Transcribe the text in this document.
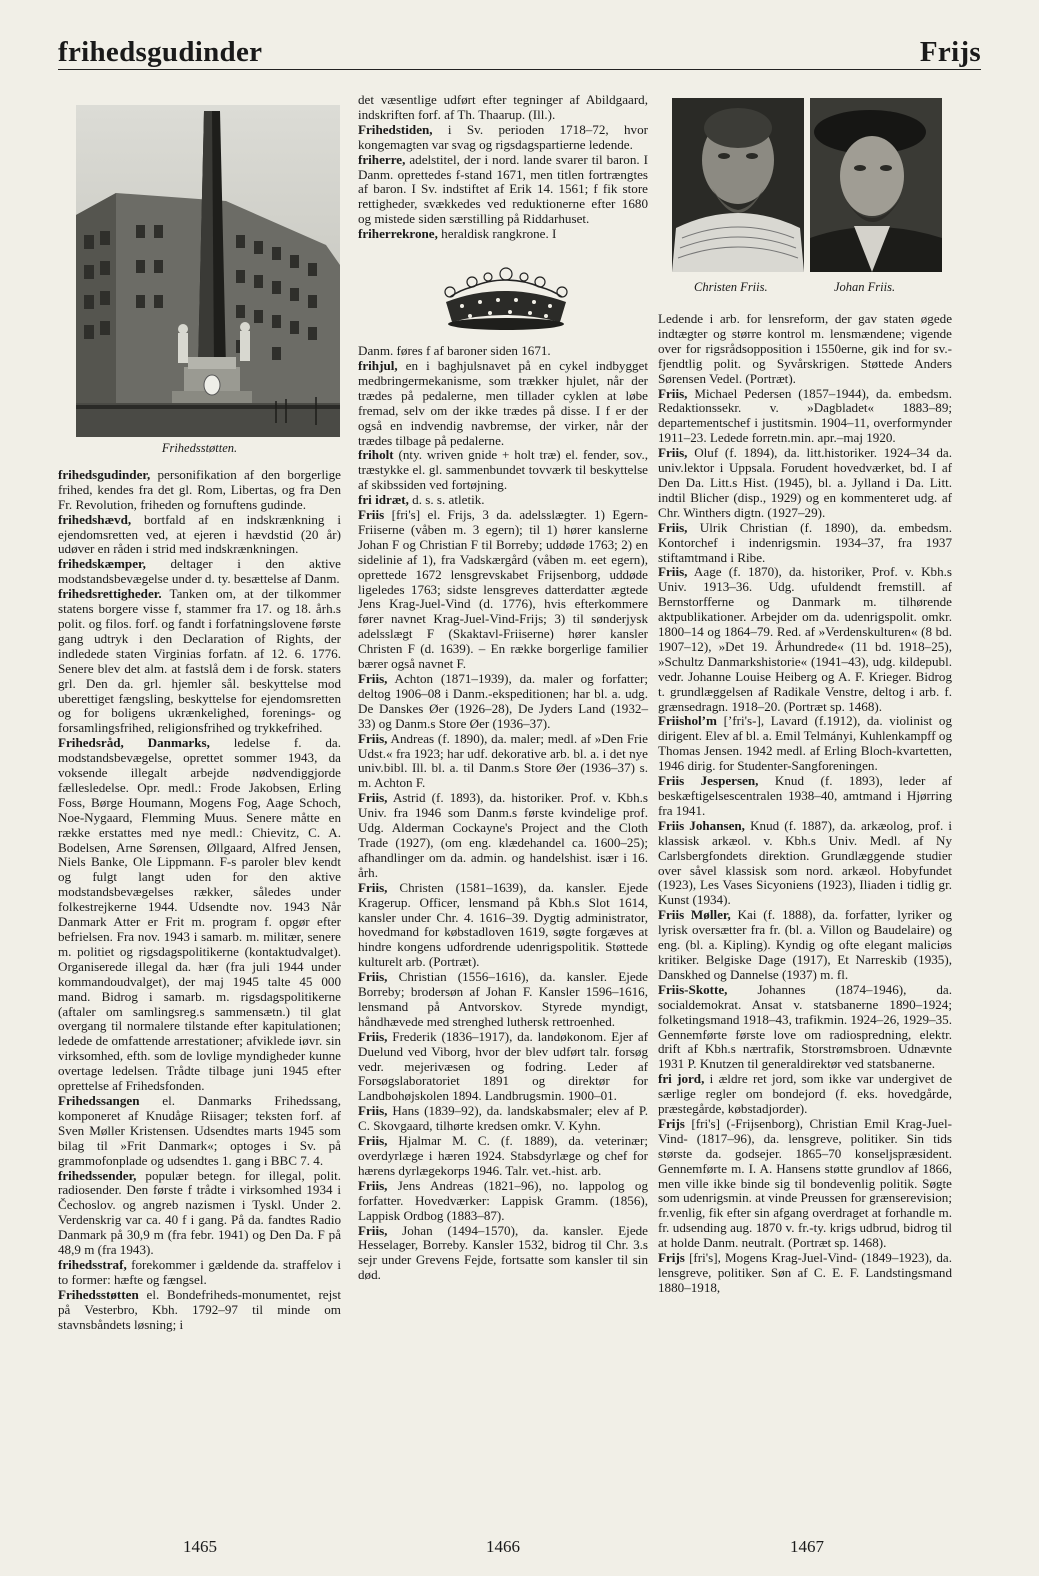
frihedsgudinder	Frijs
Frihedsstøtten.

frihedsgudinder, personifikation af den borgerlige frihed, kendes fra det gl. Rom, Libertas, og fra Den Fr. Revolution, friheden og fornuftens gudinde.

frihedshævd, bortfald af en indskrænkning i ejendomsretten ved, at ejeren i hævdstid (20 år) udøver en råden i strid med indskrænkningen.

frihedskæmper, deltager i den aktive modstandsbevægelse under d. ty. besættelse af Danm.

frihedsrettigheder. Tanken om, at der tilkommer statens borgere visse f, stammer fra 17. og 18. årh.s polit. og filos. forf. og fandt i forfatningslovene første gang udtryk i den Declaration of Rights, der indledede staten Virginias forfatn. af 12. 6. 1776. Senere blev det alm. at fastslå dem i de forsk. staters grl. Den da. grl. hjemler sål. beskyttelse mod uberettiget fængsling, beskyttelse for ejendomsretten og for boligens ukrænkelighed, forenings- og forsamlingsfrihed, religionsfrihed og trykkefrihed.

Frihedsråd, Danmarks, ledelse f. da. modstandsbevægelse, oprettet sommer 1943, da voksende illegalt arbejde nødvendiggjorde fællesledelse. Opr. medl.: Frode Jakobsen, Erling Foss, Børge Houmann, Mogens Fog, Aage Schoch, Noe-Nygaard, Flemming Muus. Senere måtte en række erstattes med nye medl.: Chievitz, C. A. Bodelsen, Arne Sørensen, Øllgaard, Alfred Jensen, Niels Banke, Ole Lippmann. F-s paroler blev kendt og fulgt langt uden for den aktive modstandsbevægelses rækker, således under folkestrejkerne 1944. Udsendte nov. 1943 Når Danmark Atter er Frit m. program f. opgør efter befrielsen. Fra nov. 1943 i samarb. m. militær, senere m. politiet og rigsdagspolitikerne (kontaktudvalget). Organiserede illegal da. hær (fra juli 1944 under kommandoudvalget), der maj 1945 talte 45 000 mand. Bidrog i samarb. m. rigsdagspolitikerne (aftaler om samlingsreg.s sammensætn.) til glat overgang til normalere tilstande efter kapitulationen; ledede de omfattende arrestationer; afviklede iøvr. sin virksomhed, efth. som de lovlige myndigheder kunne overtage ledelsen. Trådte tilbage juni 1945 efter oprettelse af Frihedsfonden.

Frihedssangen el. Danmarks Frihedssang, komponeret af Knudåge Riisager; teksten forf. af Sven Møller Kristensen. Udsendtes marts 1945 som bilag til »Frit Danmark«; optoges i Sv. på grammofonplade og udsendtes 1. gang i BBC 7. 4.

frihedssender, populær betegn. for illegal, polit. radiosender. Den første f trådte i virksomhed 1934 i Čechoslov. og angreb nazismen i Tyskl. Under 2. Verdenskrig var ca. 40 f i gang. På da. fandtes Radio Danmark på 30,9 m (fra febr. 1941) og Den Da. F på 48,9 m (fra 1943).

frihedsstraf, forekommer i gældende da. straffelov i to former: hæfte og fængsel.

Frihedsstøtten el. Bondefriheds-monumentet, rejst på Vesterbro, Kbh. 1792–97 til minde om stavnsbåndets løsning; i

det væsentlige udført efter tegninger af Abildgaard, indskriften forf. af Th. Thaarup. (Ill.).

Frihedstiden, i Sv. perioden 1718–72, hvor kongemagten var svag og rigsdagspartierne ledende.

friherre, adelstitel, der i nord. lande svarer til baron. I Danm. oprettedes f-stand 1671, men titlen fortrængtes af baron. I Sv. indstiftet af Erik 14. 1561; f fik store rettigheder, svækkedes ved reduktionerne efter 1680 og mistede siden særstilling på Riddarhuset.

friherrekrone, heraldisk rangkrone. I

Danm. føres f af baroner siden 1671.

frihjul, en i baghjulsnavet på en cykel indbygget medbringermekanisme, som trækker hjulet, når der trædes på pedalerne, men tillader cyklen at løbe fremad, selv om der ikke trædes på disse. I f er der også en indvendig navbremse, der virker, når der trædes tilbage på pedalerne.

friholt (nty. wriven gnide + holt træ) el. fender, sov., træstykke el. gl. sammenbundet tovværk til beskyttelse af skibssiden ved fortøjning.

fri idræt, d. s. s. atletik.

Friis [fri's] el. Frijs, 3 da. adelsslægter. 1) Egern-Friiserne (våben m. 3 egern); til 1) hører kanslerne Johan F og Christian F til Borreby; uddøde 1763; 2) en sidelinie af 1), fra Vadskærgård (våben m. eet egern), oprettede 1672 lensgrevskabet Frijsenborg, uddøde ligeledes 1763; sidste lensgreves datterdatter ægtede Jens Krag-Juel-Vind (d. 1776), hvis efterkommere fører navnet Krag-Juel-Vind-Frijs; 3) til sønderjysk adelsslægt F (Skaktavl-Friiserne) hører kansler Christen F (d. 1639). – En række borgerlige familier bærer også navnet F.

Friis, Achton (1871–1939), da. maler og forfatter; deltog 1906–08 i Danm.-ekspeditionen; har bl. a. udg. De Danskes Øer (1926–28), De Jyders Land (1932–33) og Danm.s Store Øer (1936–37).

Friis, Andreas (f. 1890), da. maler; medl. af »Den Frie Udst.« fra 1923; har udf. dekorative arb. bl. a. i det nye univ.bibl. Ill. bl. a. til Danm.s Store Øer (1936–37) s. m. Achton F.

Friis, Astrid (f. 1893), da. historiker. Prof. v. Kbh.s Univ. fra 1946 som Danm.s første kvindelige prof. Udg. Alderman Cockayne's Project and the Cloth Trade (1927), (om eng. klædehandel ca. 1600–25); afhandlinger om da. admin. og handelshist. især i 16. årh.

Friis, Christen (1581–1639), da. kansler. Ejede Kragerup. Officer, lensmand på Kbh.s Slot 1614, kansler under Chr. 4. 1616–39. Dygtig administrator, hovedmand for købstadloven 1619, søgte forgæves at hindre kongens udfordrende udenrigspolitik. Støttede kulturelt arb. (Portræt).

Friis, Christian (1556–1616), da. kansler. Ejede Borreby; brodersøn af Johan F. Kansler 1596–1616, lensmand på Antvorskov. Styrede myndigt, håndhævede med strenghed luthersk rettroenhed.

Friis, Frederik (1836–1917), da. landøkonom. Ejer af Duelund ved Viborg, hvor der blev udført talr. forsøg vedr. mejerivæsen og fodring. Leder af Forsøgslaboratoriet 1891 og direktør for Landbohøjskolen 1894. Landbrugsmin. 1900–01.

Friis, Hans (1839–92), da. landskabsmaler; elev af P. C. Skovgaard, tilhørte kredsen omkr. V. Kyhn.

Friis, Hjalmar M. C. (f. 1889), da. veterinær; overdyrlæge i hæren 1924. Stabsdyrlæge og chef for hærens dyrlægekorps 1946. Talr. vet.-hist. arb.

Friis, Jens Andreas (1821–96), no. lappolog og forfatter. Hovedværker: Lappisk Gramm. (1856), Lappisk Ordbog (1883–87).

Friis, Johan (1494–1570), da. kansler. Ejede Hesselager, Borreby. Kansler 1532, bidrog til Chr. 3.s sejr under Grevens Fejde, fortsatte som kansler til sin død.

Christen Friis.	Johan Friis.

Ledende i arb. for lensreform, der gav staten øgede indtægter og større kontrol m. lensmændene; vigende over for rigsrådsopposition i 1550erne, gik ind for sv.-fjendtlig polit. og Syvårskrigen. Støttede Anders Sørensen Vedel. (Portræt).

Friis, Michael Pedersen (1857–1944), da. embedsm. Redaktionssekr. v. »Dagbladet« 1883–89; departementschef i justitsmin. 1904–11, overformynder 1911–23. Ledede forretn.min. apr.–maj 1920.

Friis, Oluf (f. 1894), da. litt.historiker. 1924–34 da. univ.lektor i Uppsala. Forudent hovedværket, bd. I af Den Da. Litt.s Hist. (1945), bl. a. Jylland i Da. Litt. indtil Blicher (disp., 1929) og en kommenteret udg. af Chr. Winthers digtn. (1927–29).

Friis, Ulrik Christian (f. 1890), da. embedsm. Kontorchef i indenrigsmin. 1934–37, fra 1937 stiftamtmand i Ribe.

Friis, Aage (f. 1870), da. historiker, Prof. v. Kbh.s Univ. 1913–36. Udg. ufuldendt fremstill. af Bernstorfferne og Danmark m. tilhørende aktpublikationer. Arbejder om da. udenrigspolit. omkr. 1800–14 og 1864–79. Red. af »Verdenskulturen« (8 bd. 1907–12), »Det 19. Århundrede« (11 bd. 1918–25), »Schultz Danmarkshistorie« (1941–43), udg. kildepubl. vedr. Johanne Louise Heiberg og A. F. Krieger. Bidrog t. grundlæggelsen af Radikale Venstre, deltog i arb. f. grænsedragn. 1918–20. (Portræt sp. 1468).

Friisholʼm [ʼfri's-], Lavard (f.1912), da. violinist og dirigent. Elev af bl. a. Emil Telmányi, Kuhlenkampff og Thomas Jensen. 1942 medl. af Erling Bloch-kvartetten, 1946 dirig. for Studenter-Sangforeningen.

Friis Jespersen, Knud (f. 1893), leder af beskæftigelsescentralen 1938–40, amtmand i Hjørring fra 1941.

Friis Johansen, Knud (f. 1887), da. arkæolog, prof. i klassisk arkæol. v. Kbh.s Univ. Medl. af Ny Carlsbergfondets direktion. Grundlæggende studier over såvel klassisk som nord. arkæol. Hobyfundet (1923), Les Vases Sicyoniens (1923), Iliaden i tidlig gr. Kunst (1934).

Friis Møller, Kai (f. 1888), da. forfatter, lyriker og lyrisk oversætter fra fr. (bl. a. Villon og Baudelaire) og eng. (bl. a. Kipling). Kyndig og ofte elegant maliciøs kritiker. Belgiske Dage (1917), Et Narreskib (1935), Danskhed og Dannelse (1937) m. fl.

Friis-Skotte, Johannes (1874–1946), da. socialdemokrat. Ansat v. statsbanerne 1890–1924; folketingsmand 1918–43, trafikmin. 1924–26, 1929–35. Gennemførte første love om radiospredning, elektr. drift af Kbh.s nærtrafik, Storstrømsbroen. Udnævnte 1931 P. Knutzen til generaldirektør ved statsbanerne.

fri jord, i ældre ret jord, som ikke var undergivet de særlige regler om bondejord (f. eks. hovedgårde, præstegårde, købstadjorder).

Frijs [fri's] (-Frijsenborg), Christian Emil Krag-Juel-Vind- (1817–96), da. lensgreve, politiker. Sin tids største da. godsejer. 1865–70 konseljspræsident. Gennemførte m. I. A. Hansens støtte grundlov af 1866, men ville ikke binde sig til bondevenlig politik. Søgte som udenrigsmin. at vinde Preussen for grænserevision; fr.venlig, fik efter sin afgang overdraget at forhandle m. fr. udsending aug. 1870 v. fr.-ty. krigs udbrud, bidrog til at holde Danm. neutralt. (Portræt sp. 1468).

Frijs [fri's], Mogens Krag-Juel-Vind- (1849–1923), da. lensgreve, politiker. Søn af C. E. F. Landstingsmand 1880–1918,

1465	1466	1467
